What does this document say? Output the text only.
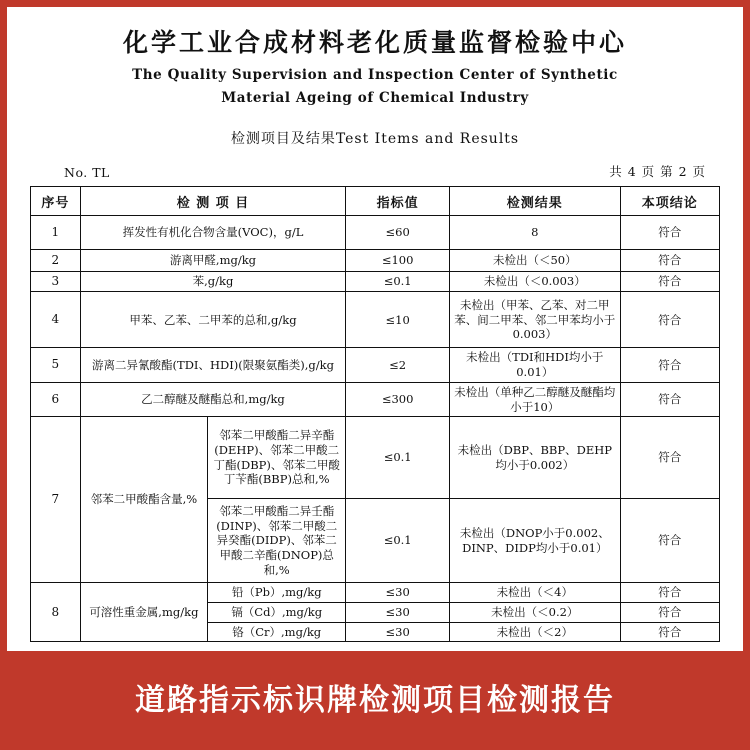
化学工业合成材料老化质量监督检验中心
The Quality Supervision and Inspection Center of Synthetic
Material Ageing of Chemical Industry
检测项目及结果Test Items and Results
No. TL	共 4 页 第 2 页
序号	检 测 项 目		指标值	检测结果	本项结论
1	挥发性有机化合物含量(VOC)，g/L		≤60	8	符合
2	游离甲醛,mg/kg		≤100	未检出（＜50）	符合
3	苯,g/kg		≤0.1	未检出（＜0.003）	符合
4	甲苯、乙苯、二甲苯的总和,g/kg		≤10	未检出（甲苯、乙苯、对二甲苯、间二甲苯、邻二甲苯均小于0.003）	符合
5	游离二异氰酸酯(TDI、HDI)(限聚氨酯类),g/kg		≤2	未检出（TDI和HDI均小于0.01）	符合
6	乙二醇醚及醚酯总和,mg/kg		≤300	未检出（单种乙二醇醚及醚酯均小于10）	符合
7	邻苯二甲酸酯含量,%	邻苯二甲酸酯二异辛酯(DEHP)、邻苯二甲酸二丁酯(DBP)、邻苯二甲酸丁苄酯(BBP)总和,%	≤0.1	未检出（DBP、BBP、DEHP均小于0.002）	符合
		邻苯二甲酸酯二异壬酯(DINP)、邻苯二甲酸二异癸酯(DIDP)、邻苯二甲酸二辛酯(DNOP)总和,%	≤0.1	未检出（DNOP小于0.002、DINP、DIDP均小于0.01）	符合
8	可溶性重金属,mg/kg	铅（Pb）,mg/kg	≤30	未检出（＜4）	符合
		镉（Cd）,mg/kg	≤30	未检出（＜0.2）	符合
		铬（Cr）,mg/kg	≤30	未检出（＜2）	符合
道路指示标识牌检测项目检测报告
